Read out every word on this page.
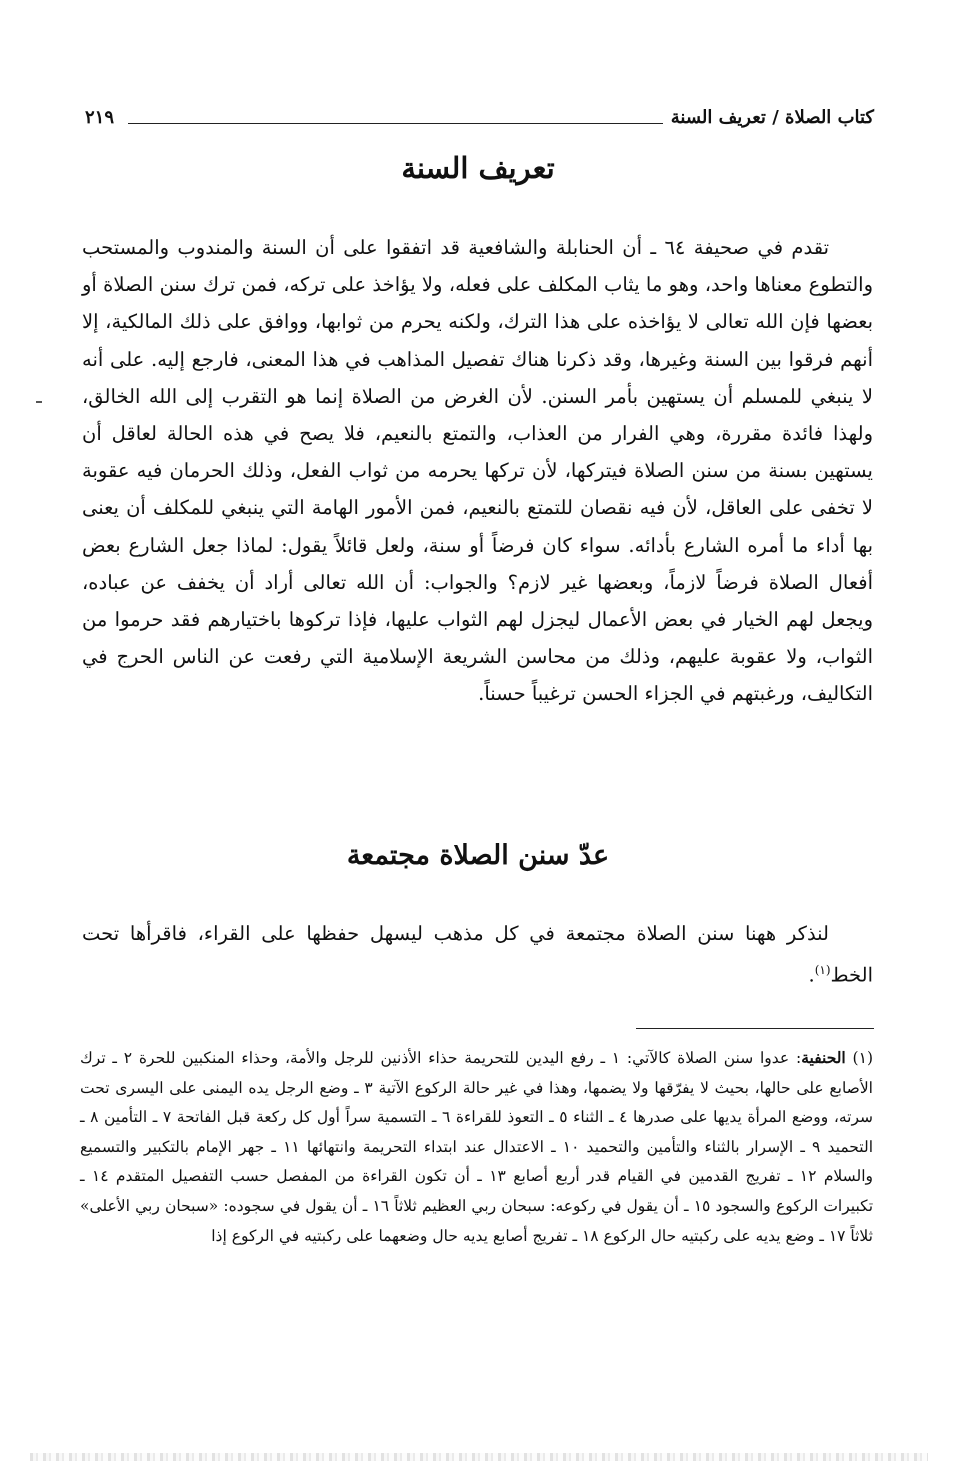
كتاب الصلاة / تعريف السنة
٢١٩
تعريف السنة

تقدم في صحيفة ٦٤ ـ أن الحنابلة والشافعية قد اتفقوا على أن السنة والمندوب والمستحب والتطوع معناها واحد، وهو ما يثاب المكلف على فعله، ولا يؤاخذ على تركه، فمن ترك سنن الصلاة أو بعضها فإن الله تعالى لا يؤاخذه على هذا الترك، ولكنه يحرم من ثوابها، ووافق على ذلك المالكية، إلا أنهم فرقوا بين السنة وغيرها، وقد ذكرنا هناك تفصيل المذاهب في هذا المعنى، فارجع إليه. على أنه لا ينبغي للمسلم أن يستهين بأمر السنن. لأن الغرض من الصلاة إنما هو التقرب إلى الله الخالق، ولهذا فائدة مقررة، وهي الفرار من العذاب، والتمتع بالنعيم، فلا يصح في هذه الحالة لعاقل أن يستهين بسنة من سنن الصلاة فيتركها، لأن تركها يحرمه من ثواب الفعل، وذلك الحرمان فيه عقوبة لا تخفى على العاقل، لأن فيه نقصان للتمتع بالنعيم، فمن الأمور الهامة التي ينبغي للمكلف أن يعنى بها أداء ما أمره الشارع بأدائه. سواء كان فرضاً أو سنة، ولعل قائلاً يقول: لماذا جعل الشارع بعض أفعال الصلاة فرضاً لازماً، وبعضها غير لازم؟ والجواب: أن الله تعالى أراد أن يخفف عن عباده، ويجعل لهم الخيار في بعض الأعمال ليجزل لهم الثواب عليها، فإذا تركوها باختيارهم فقد حرموا من الثواب، ولا عقوبة عليهم، وذلك من محاسن الشريعة الإسلامية التي رفعت عن الناس الحرج في التكاليف، ورغبتهم في الجزاء الحسن ترغيباً حسناً.

عدّ سنن الصلاة مجتمعة

لنذكر ههنا سنن الصلاة مجتمعة في كل مذهب ليسهل حفظها على القراء، فاقرأها تحت الخط$^{(١)}$.

(١) الحنفية: عدوا سنن الصلاة كالآتي: ١ ـ رفع اليدين للتحريمة حذاء الأذنين للرجل والأمة، وحذاء المنكبين للحرة ٢ ـ ترك الأصابع على حالها، بحيث لا يفرّقها ولا يضمها، وهذا في غير حالة الركوع الآتية ٣ ـ وضع الرجل يده اليمنى على اليسرى تحت سرته، ووضع المرأة يديها على صدرها ٤ ـ الثناء ٥ ـ التعوذ للقراءة ٦ ـ التسمية سراً أول كل ركعة قبل الفاتحة ٧ ـ التأمين ٨ ـ التحميد ٩ ـ الإسرار بالثناء والتأمين والتحميد ١٠ ـ الاعتدال عند ابتداء التحريمة وانتهائها ١١ ـ جهر الإمام بالتكبير والتسميع والسلام ١٢ ـ تفريج القدمين في القيام قدر أربع أصابع ١٣ ـ أن تكون القراءة من المفصل حسب التفصيل المتقدم ١٤ ـ تكبيرات الركوع والسجود ١٥ ـ أن يقول في ركوعه: سبحان ربي العظيم ثلاثاً ١٦ ـ أن يقول في سجوده: «سبحان ربي الأعلى» ثلاثاً ١٧ ـ وضع يديه على ركبتيه حال الركوع ١٨ ـ تفريج أصابع يديه حال وضعهما على ركبتيه في الركوع إذا
